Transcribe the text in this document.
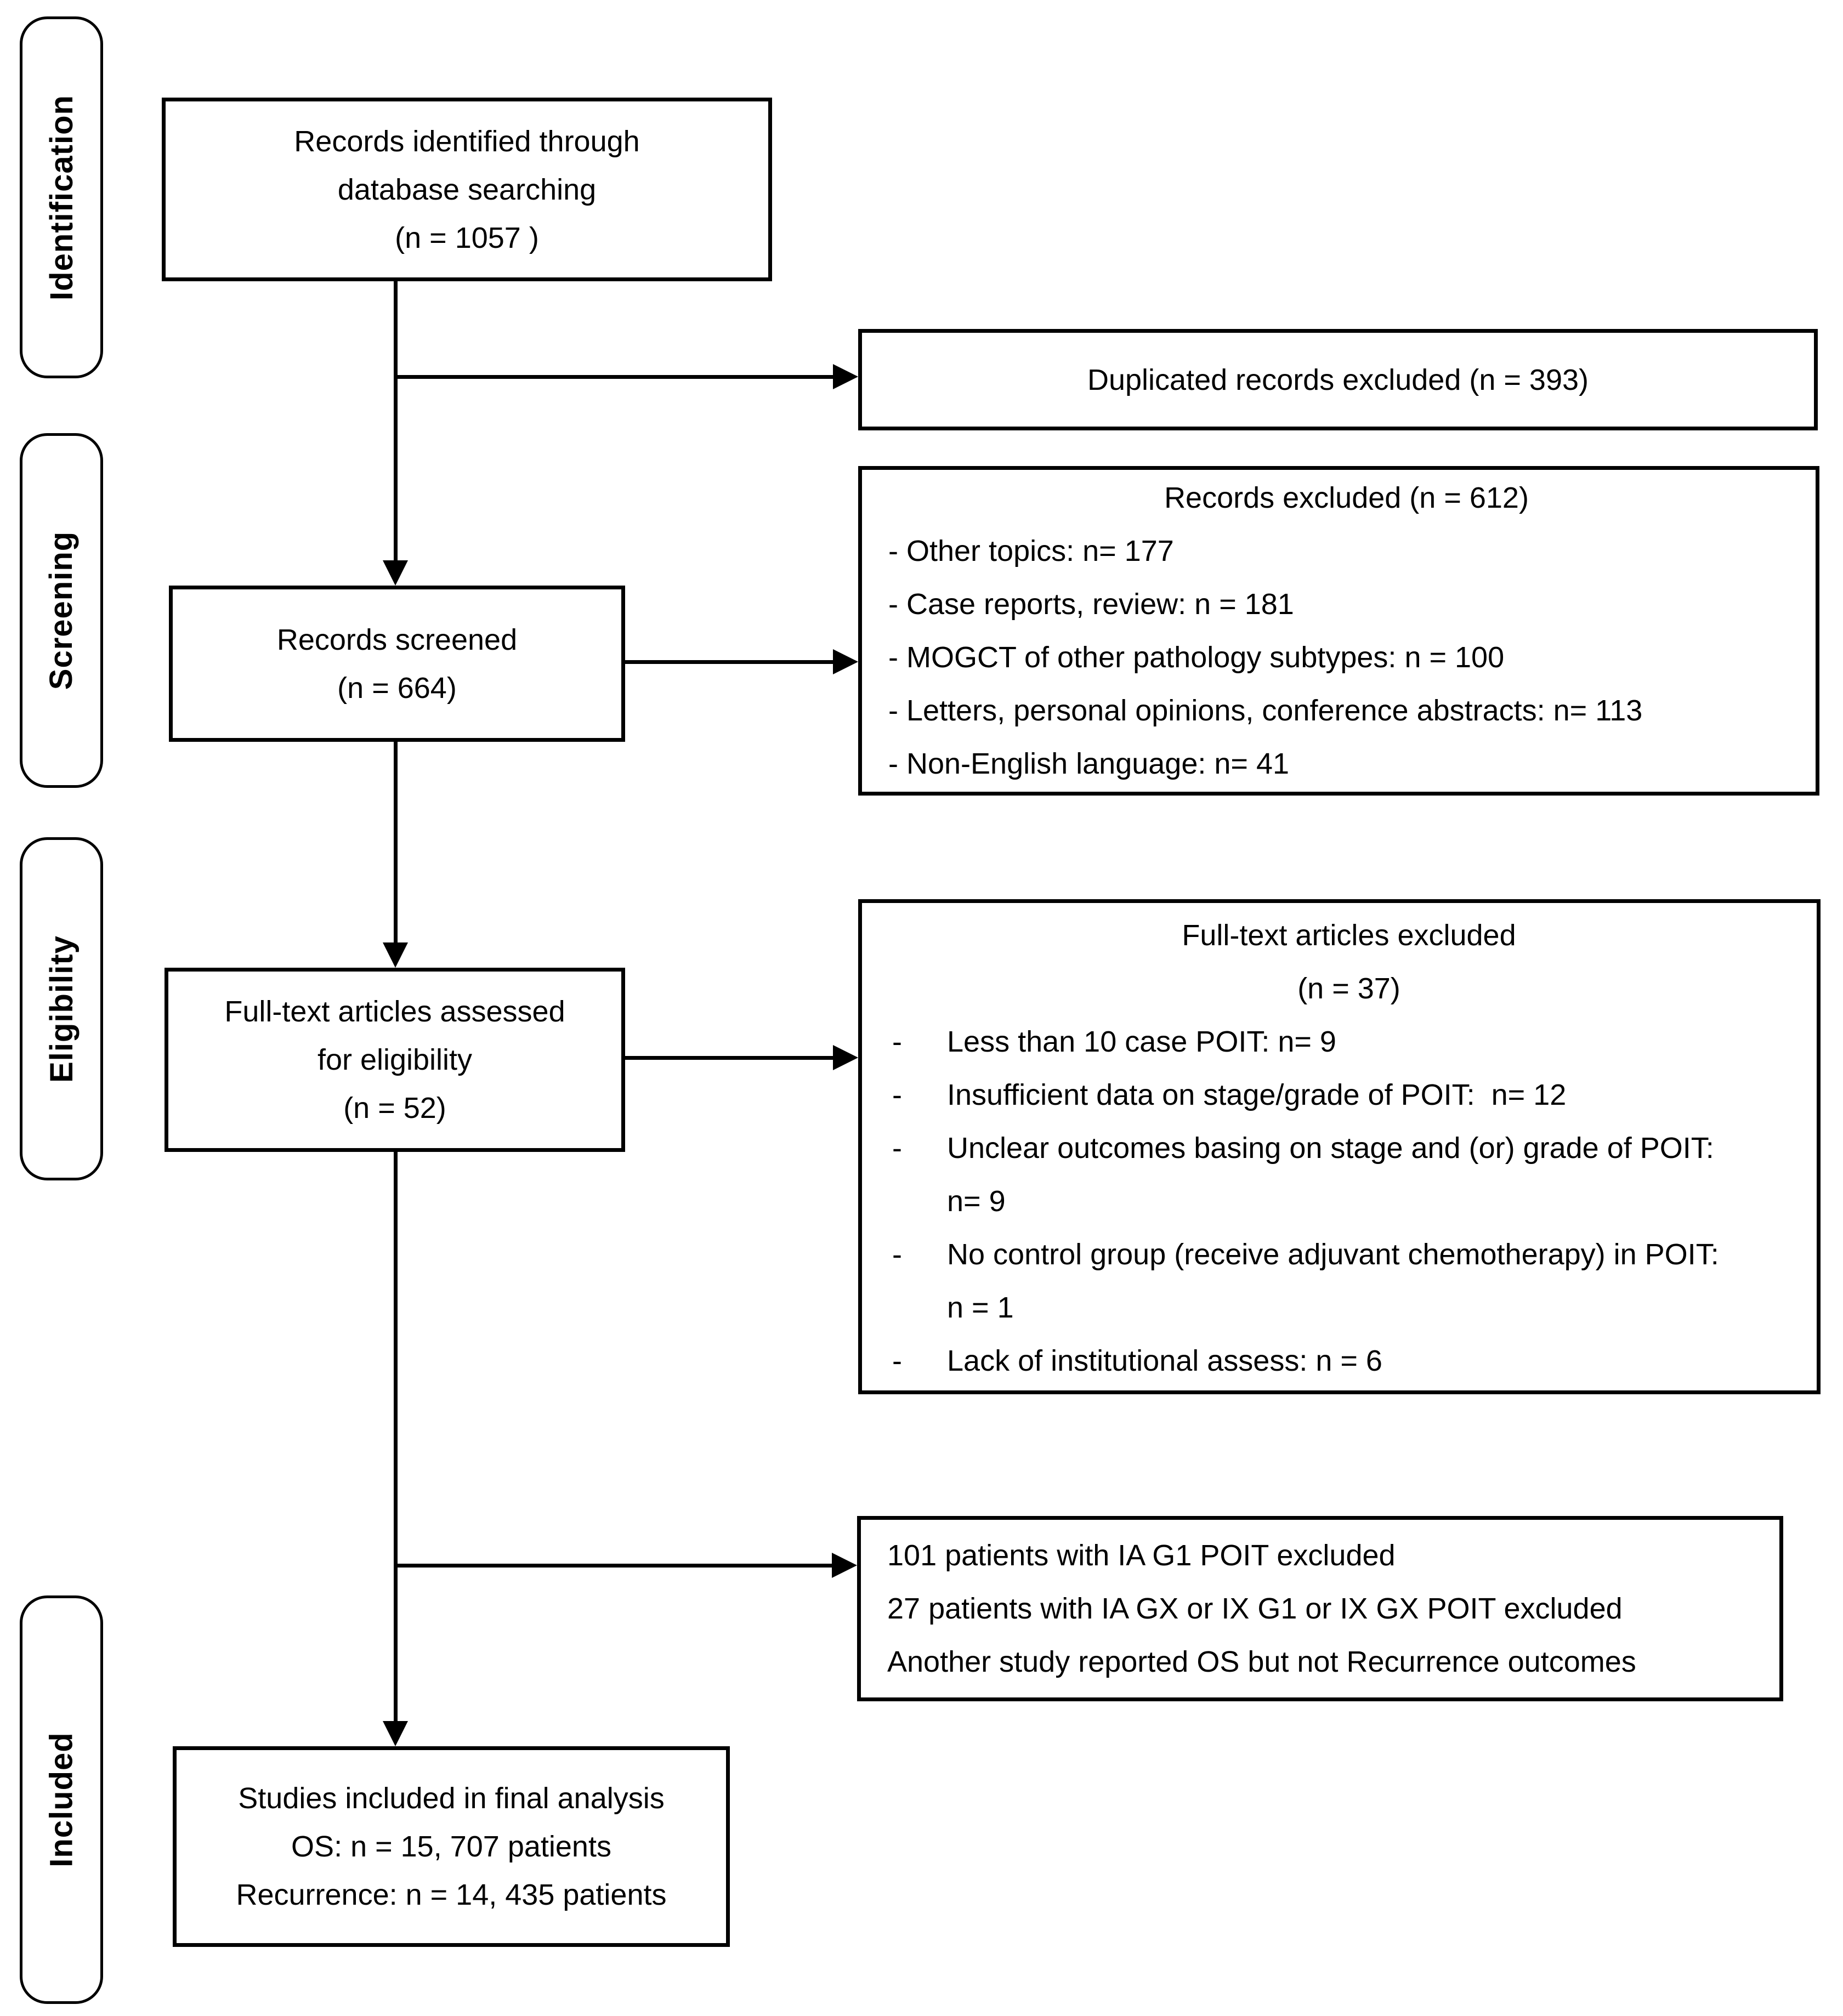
Identification
Screening
Eligibility
Included
Records identified through
database searching
(n = 1057 )
Duplicated records excluded (n = 393)
Records excluded (n = 612)
- Other topics: n= 177
- Case reports, review: n = 181
- MOGCT of other pathology subtypes: n = 100
- Letters, personal opinions, conference abstracts: n= 113
- Non-English language: n= 41
Records screened
(n = 664)
Full-text articles assessed
for eligibility
(n = 52)
Full-text articles excluded
(n = 37)
-	Less than 10 case POIT: n= 9
-	Insufficient data on stage/grade of POIT:  n= 12
-	Unclear outcomes basing on stage and (or) grade of POIT: n= 9
-	No control group (receive adjuvant chemotherapy) in POIT: n = 1
-	Lack of institutional assess: n = 6
101 patients with IA G1 POIT excluded
27 patients with IA GX or IX G1 or IX GX POIT excluded
Another study reported OS but not Recurrence outcomes
Studies included in final analysis
OS: n = 15, 707 patients
Recurrence: n = 14, 435 patients
